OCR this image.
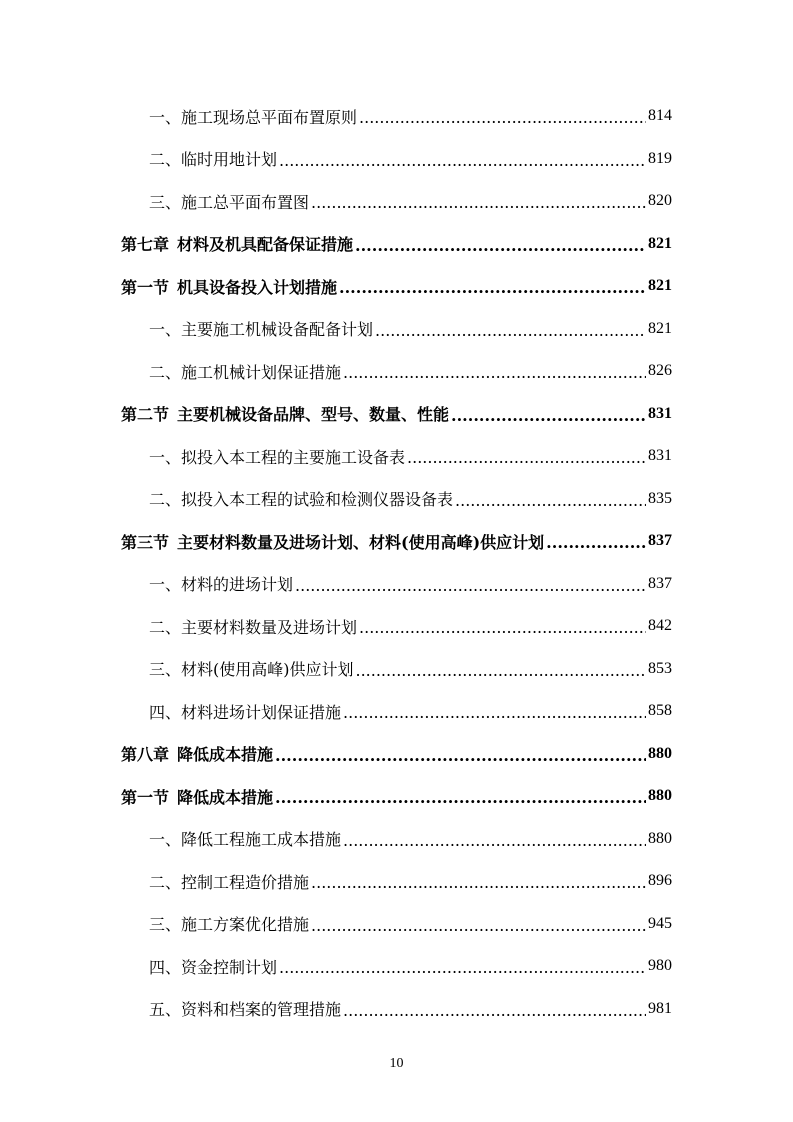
一、施工现场总平面布置原则 .....	814
二、临时用地计划 .....	819
三、施工总平面布置图 .....	820
第七章 材料及机具配备保证措施 .....	821
第一节 机具设备投入计划措施 .....	821
一、主要施工机械设备配备计划 .....	821
二、施工机械计划保证措施 .....	826
第二节 主要机械设备品牌、型号、数量、性能 .....	831
一、拟投入本工程的主要施工设备表 .....	831
二、拟投入本工程的试验和检测仪器设备表 .....	835
第三节 主要材料数量及进场计划、材料(使用高峰)供应计划 .....	837
一、材料的进场计划 .....	837
二、主要材料数量及进场计划 .....	842
三、材料(使用高峰)供应计划 .....	853
四、材料进场计划保证措施 .....	858
第八章 降低成本措施 .....	880
第一节 降低成本措施 .....	880
一、降低工程施工成本措施 .....	880
二、控制工程造价措施 .....	896
三、施工方案优化措施 .....	945
四、资金控制计划 .....	980
五、资料和档案的管理措施 .....	981
10
